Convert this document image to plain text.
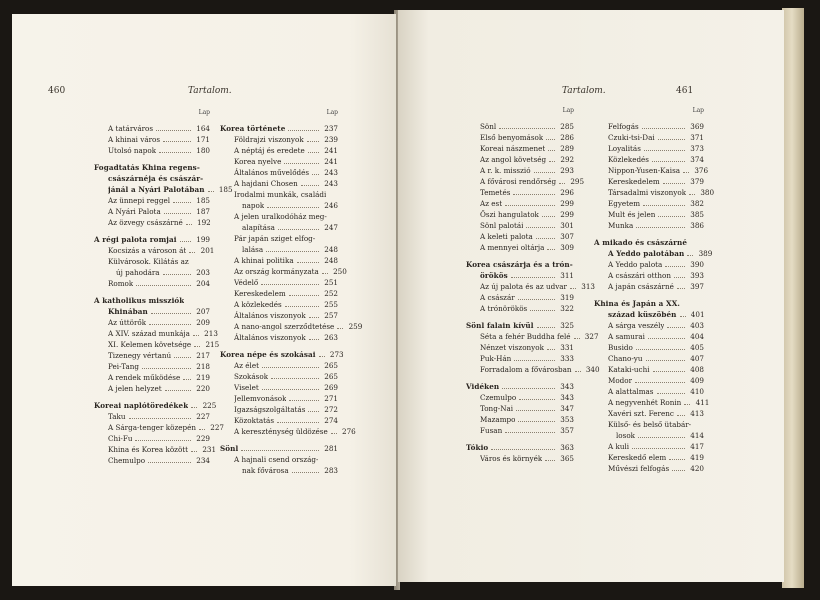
460	Tartalom.
Lap
A tatárváros	164
A khinai város	171
Utolsó napok	180
Fogadtatás Khina regens-
császárnéja és császár-
jánál a Nyári Palotában	185
Az ünnepi reggel	185
A Nyári Palota	187
Az özvegy császárné	192
A régi palota romjai	199
Kocsizás a városon át	201
Külvárosok. Kilátás az
új pahodára	203
Romok	204
A katholikus missziók
Khinában	207
Az úttörők	209
A XIV. század munkája	213
XI. Kelemen követsége	215
Tizenegy vértanú	217
Pei-Tang	218
A rendek működése	219
A jelen helyzet	220
Koreai naplótöredékek	225
Taku	227
A Sárga-tenger közepén	227
Chi-Fu	229
Khina és Korea között	231
Chemulpo	234
Lap
Korea története	237
Földrajzi viszonyok	239
A néptáj és eredete	241
Korea nyelve	241
Általános művelődés	243
A hajdani Chosen	243
Irodalmi munkák, családi
napok	246
A jelen uralkodóház meg-
alapítása	247
Pár japán sziget elfog-
lalása	248
A khinai politika	248
Az ország kormányzata	250
Védelő	251
Kereskedelem	252
A közlekedés	255
Általános viszonyok	257
A nano-angol szerződtetése	259
Általános viszonyok	263
Korea népe és szokásai	273
Az élet	265
Szokások	265
Viselet	269
Jellemvonások	271
Igazságszolgáltatás	272
Közoktatás	274
A kereszténység üldözése	276
Sönl	281
A hajnali csend ország-
nak fővárosa	283
Tartalom.	461
Lap
Sönl	285
Első benyomások	286
Koreai nászmenet	289
Az angol követség	292
A r. k. misszió	293
A fővárosi rendőrség	295
Temetés	296
Az est	299
Őszi hangulatok	299
Sönl palotái	301
A keleti palota	307
A mennyei oltárja	309
Korea császárja és a trón-
örökös	311
Az új palota és az udvar	313
A császár	319
A trónörökös	322
Sönl falain kívül	325
Séta a fehér Buddha felé	327
Nénzet viszonyok	331
Puk-Hán	333
Forradalom a fővárosban	340
Vidéken	343
Czemulpo	343
Tong-Nai	347
Mazampo	353
Fusan	357
Tókio	363
Város és környék	365
Lap
Felfogás	369
Czuki-tsi-Dai	371
Loyalitás	373
Közlekedés	374
Nippon-Yusen-Kaisa	376
Kereskedelem	379
Társadalmi viszonyok	380
Egyetem	382
Mult és jelen	385
Munka	386
A mikado és császárné
A Yeddo palotában	389
A Yeddo palota	390
A császári otthon	393
A japán császárné	397
Khina és Japán a XX.
század küszöbén	401
A sárga veszély	403
A samurai	404
Busido	405
Chano-yu	407
Kataki-uchi	408
Modor	409
A alattalmas	410
A negyvenhét Ronin	411
Xavéri szt. Ferenc	413
Külső- és belső ütabár-
losok	414
A kuli	417
Kereskedő elem	419
Művészi felfogás	420
